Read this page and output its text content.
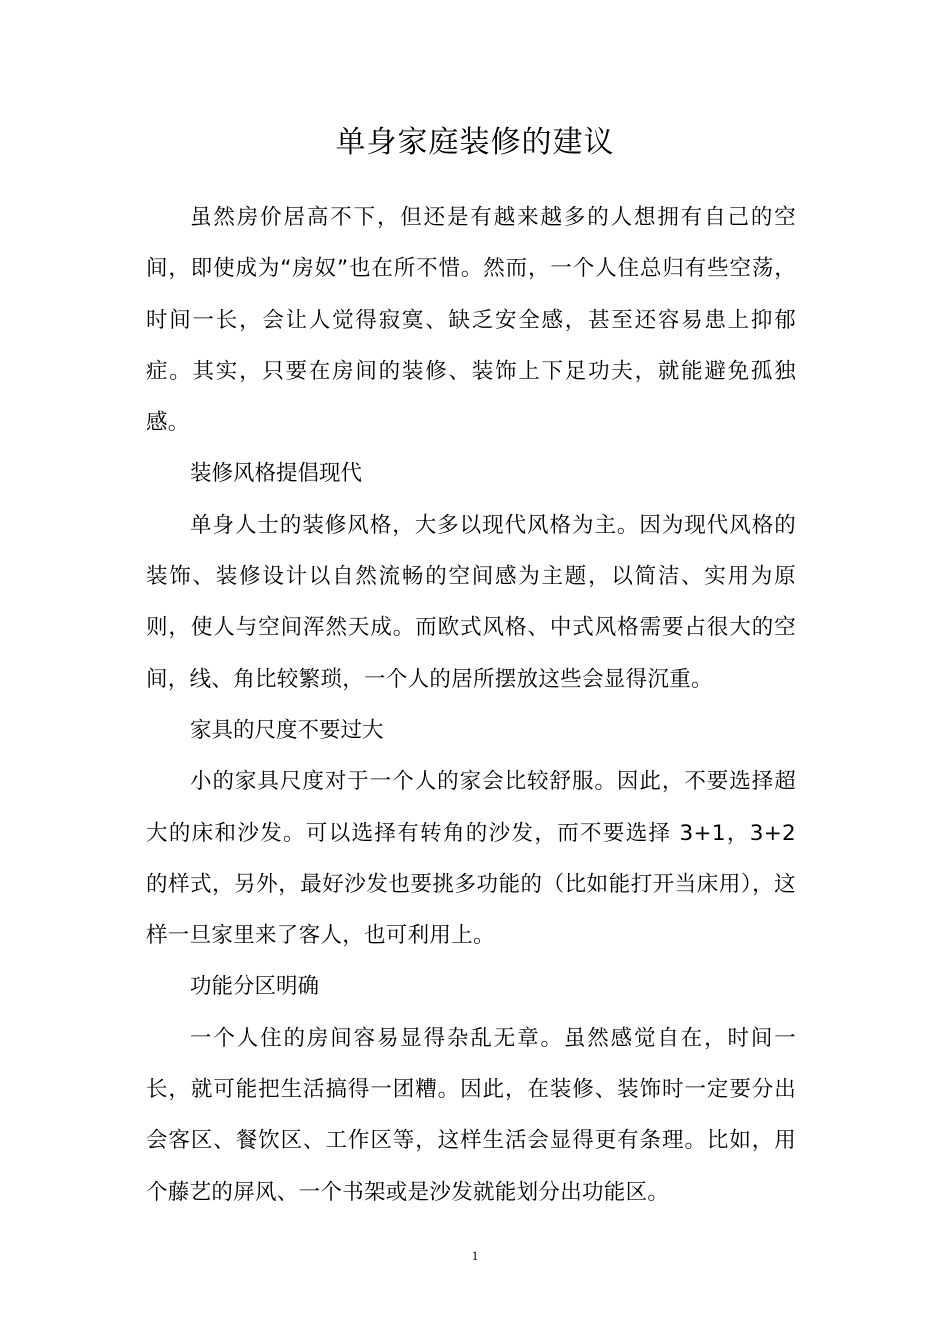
单身家庭装修的建议

虽然房价居高不下，但还是有越来越多的人想拥有自己的空间，即使成为“房奴”也在所不惜。然而，一个人住总归有些空荡，时间一长，会让人觉得寂寞、缺乏安全感，甚至还容易患上抑郁症。其实，只要在房间的装修、装饰上下足功夫，就能避免孤独感。

装修风格提倡现代

单身人士的装修风格，大多以现代风格为主。因为现代风格的装饰、装修设计以自然流畅的空间感为主题，以简洁、实用为原则，使人与空间浑然天成。而欧式风格、中式风格需要占很大的空间，线、角比较繁琐，一个人的居所摆放这些会显得沉重。

家具的尺度不要过大

小的家具尺度对于一个人的家会比较舒服。因此，不要选择超大的床和沙发。可以选择有转角的沙发，而不要选择 3+1，3+2 的样式，另外，最好沙发也要挑多功能的（比如能打开当床用），这样一旦家里来了客人，也可利用上。

功能分区明确

一个人住的房间容易显得杂乱无章。虽然感觉自在，时间一长，就可能把生活搞得一团糟。因此，在装修、装饰时一定要分出会客区、餐饮区、工作区等，这样生活会显得更有条理。比如，用个藤艺的屏风、一个书架或是沙发就能划分出功能区。

1
